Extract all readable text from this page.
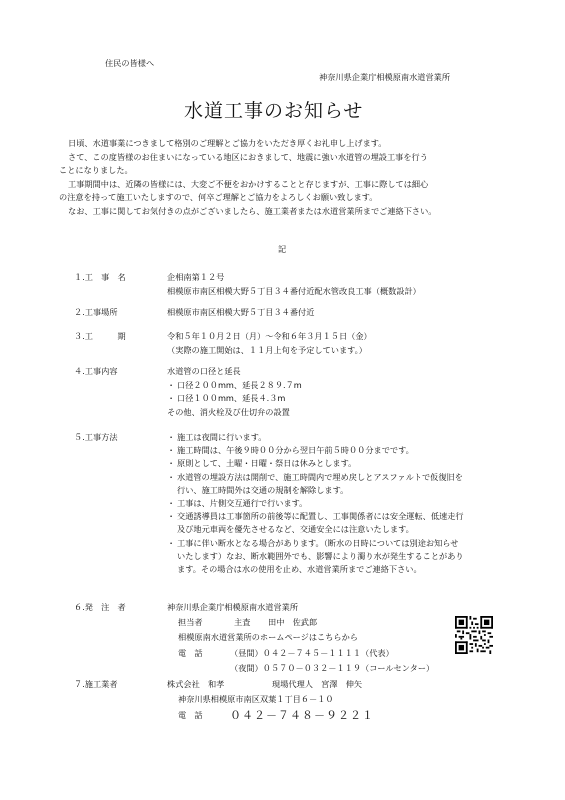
住民の皆様へ
神奈川県企業庁相模原南水道営業所
水道工事のお知らせ

日頃、水道事業につきまして格別のご理解とご協力をいただき厚くお礼申し上げます。

さて、この度皆様のお住まいになっている地区におきまして、地震に強い水道管の埋設工事を行う

ことになりました。

工事期間中は、近隣の皆様には、大変ご不便をおかけすることと存じますが、工事に際しては細心

の注意を持って施工いたしますので、何卒ご理解とご協力をよろしくお願い致します。

なお、工事に関してお気付きの点がございましたら、施工業者または水道営業所までご連絡下さい。

記
１.工　事　名	企相南第１２号
相模原市南区相模大野５丁目３４番付近配水管改良工事（概数設計）
２.工事場所	相模原市南区相模大野５丁目３４番付近
３.工　　　期	令和５年１０月２日（月）～令和６年３月１５日（金）
（実際の施工開始は、１１月上旬を予定しています。）
４.工事内容	水道管の口径と延長
・ 口径２００mm、延長２８９.７m
・ 口径１００mm、延長４.３m
その他、消火栓及び仕切弁の設置
５.工事方法
・	施工は夜間に行います。
・ 施工時間は、午後９時００分から翌日午前５時００分までです。
・ 原則として、土曜・日曜・祭日は休みとします。
・ 水道管の埋設方法は開削で、施工時間内で埋め戻しとアスファルトで仮復旧を
行い、施工時間外は交通の規制を解除します。
・ 工事は、片側交互通行で行います。
・ 交通誘導員は工事箇所の前後等に配置し、工事関係者には安全運転、低速走行
及び地元車両を優先させるなど、交通安全には注意いたします。
・ 工事に伴い断水となる場合があります。（断水の日時については別途お知らせ
いたします）なお、断水範囲外でも、影響により濁り水が発生することがあり
ます。その場合は水の使用を止め、水道営業所までご連絡下さい。
６.発　注　者	神奈川県企業庁相模原南水道営業所
担当者	主査	田中　佐武郎
相模原南水道営業所のホームページはこちらから
電　話	（昼間）０４２－７４５－１１１１（代表）
（夜間）０５７０－０３２－１１９（コールセンター）
７.施工業者	株式会社　和孝	現場代理人　宮澤　伸矢
神奈川県相模原市南区双葉１丁目６－１０
電　話	０４２－７４８－９２２１
